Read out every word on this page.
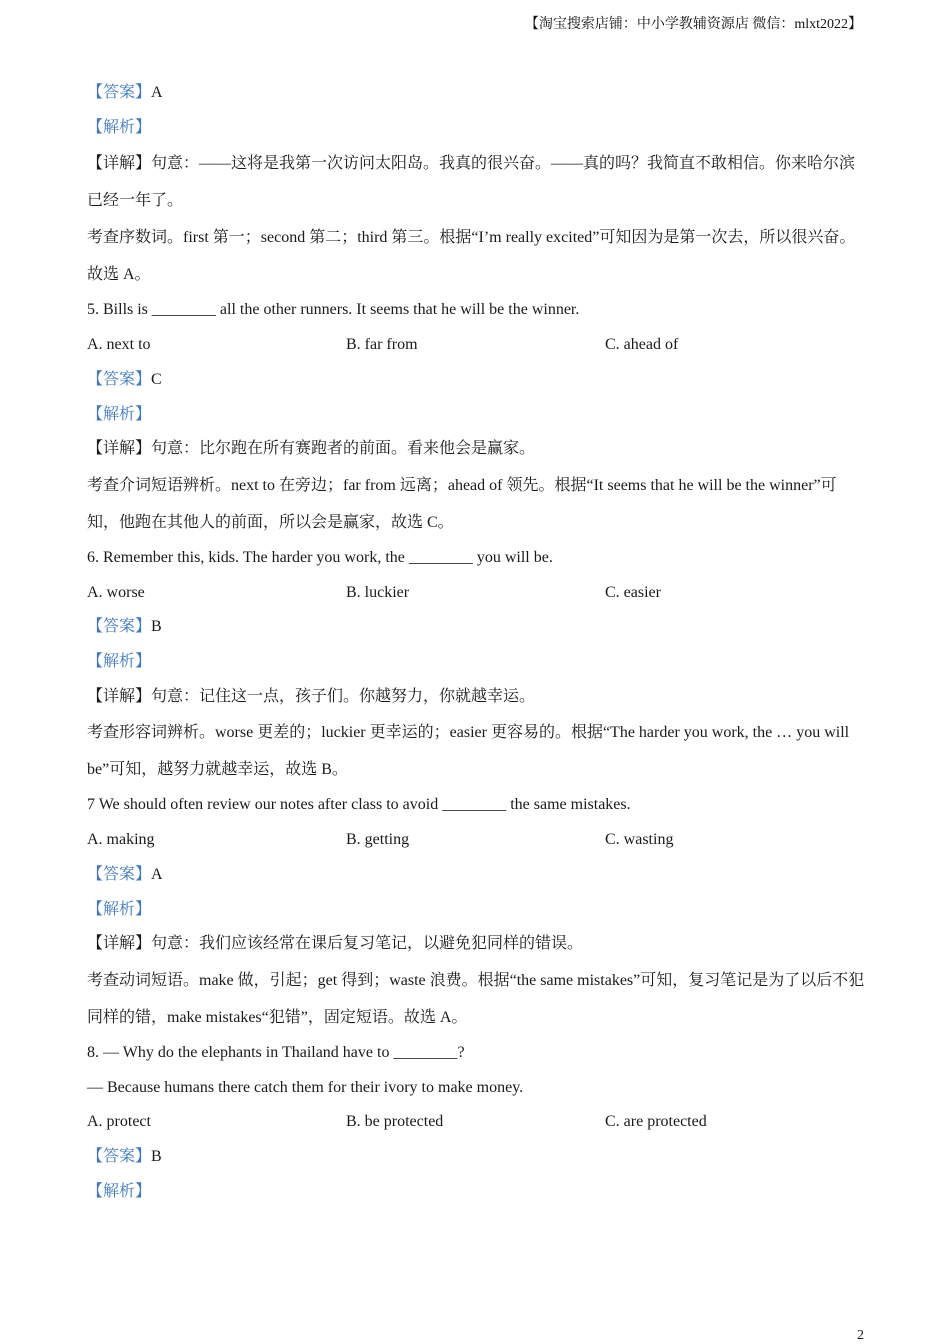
【淘宝搜索店铺：中小学教辅资源店 微信：mlxt2022】
【答案】A
【解析】
【详解】句意：——这将是我第一次访问太阳岛。我真的很兴奋。——真的吗？我简直不敢相信。你来哈尔滨已经一年了。
考查序数词。first 第一；second 第二；third 第三。根据“I’m really excited”可知因为是第一次去，所以很兴奋。故选 A。
5. Bills is ________ all the other runners. It seems that he will be the winner.
A. next to	B. far from	C. ahead of
【答案】C
【解析】
【详解】句意：比尔跑在所有赛跑者的前面。看来他会是赢家。
考查介词短语辨析。next to 在旁边；far from 远离；ahead of 领先。根据“It seems that he will be the winner”可知，他跑在其他人的前面，所以会是赢家，故选 C。
6. Remember this, kids. The harder you work, the ________ you will be.
A. worse	B. luckier	C. easier
【答案】B
【解析】
【详解】句意：记住这一点，孩子们。你越努力，你就越幸运。
考查形容词辨析。worse 更差的；luckier 更幸运的；easier 更容易的。根据“The harder you work, the … you will be”可知，越努力就越幸运，故选 B。
7 We should often review our notes after class to avoid ________ the same mistakes.
A. making	B. getting	C. wasting
【答案】A
【解析】
【详解】句意：我们应该经常在课后复习笔记，以避免犯同样的错误。
考查动词短语。make 做，引起；get 得到；waste 浪费。根据“the same mistakes”可知，复习笔记是为了以后不犯同样的错，make mistakes“犯错”，固定短语。故选 A。
8. — Why do the elephants in Thailand have to ________?
— Because humans there catch them for their ivory to make money.
A. protect	B. be protected	C. are protected
【答案】B
【解析】
2
